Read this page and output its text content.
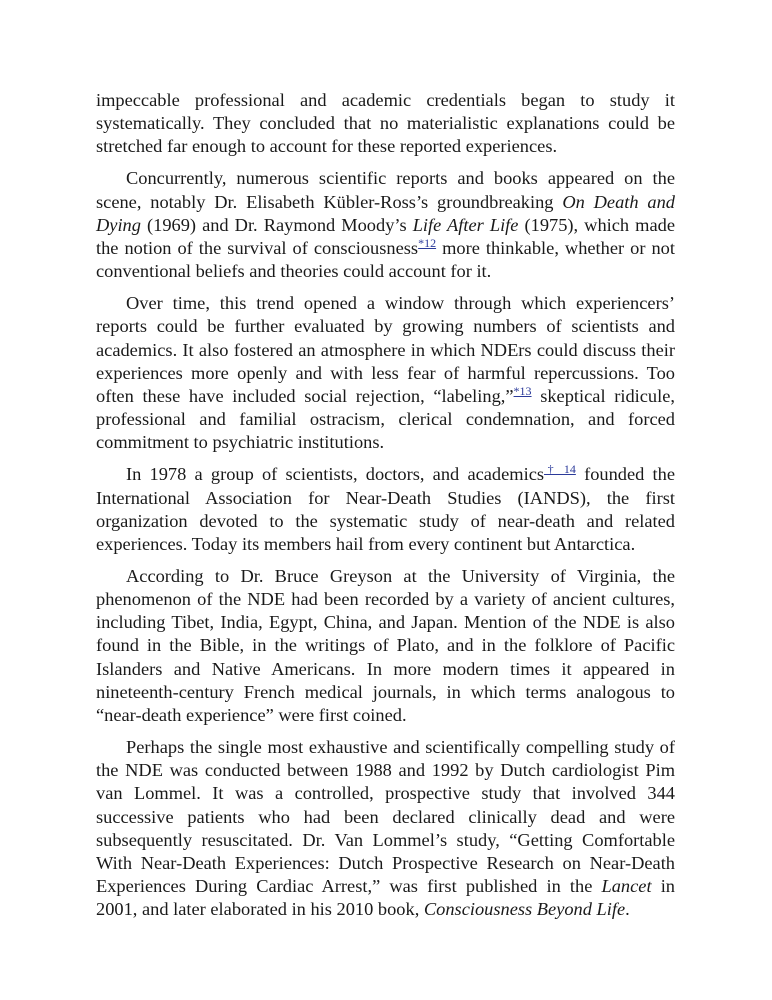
impeccable professional and academic credentials began to study it systematically. They concluded that no materialistic explanations could be stretched far enough to account for these reported experiences.

Concurrently, numerous scientific reports and books appeared on the scene, notably Dr. Elisabeth Kübler-Ross’s groundbreaking On Death and Dying (1969) and Dr. Raymond Moody’s Life After Life (1975), which made the notion of the survival of consciousness$^{*12}$ more thinkable, whether or not conventional beliefs and theories could account for it.

Over time, this trend opened a window through which experiencers’ reports could be further evaluated by growing numbers of scientists and academics. It also fostered an atmosphere in which NDErs could discuss their experiences more openly and with less fear of harmful repercussions. Too often these have included social rejection, “labeling,”$^{*13}$ skeptical ridicule, professional and familial ostracism, clerical condemnation, and forced commitment to psychiatric institutions.

In 1978 a group of scientists, doctors, and academics$^{\dagger 14}$ founded the International Association for Near-Death Studies (IANDS), the first organization devoted to the systematic study of near-death and related experiences. Today its members hail from every continent but Antarctica.

According to Dr. Bruce Greyson at the University of Virginia, the phenomenon of the NDE had been recorded by a variety of ancient cultures, including Tibet, India, Egypt, China, and Japan. Mention of the NDE is also found in the Bible, in the writings of Plato, and in the folklore of Pacific Islanders and Native Americans. In more modern times it appeared in nineteenth-century French medical journals, in which terms analogous to “near-death experience” were first coined.

Perhaps the single most exhaustive and scientifically compelling study of the NDE was conducted between 1988 and 1992 by Dutch cardiologist Pim van Lommel. It was a controlled, prospective study that involved 344 successive patients who had been declared clinically dead and were subsequently resuscitated. Dr. Van Lommel’s study, “Getting Comfortable With Near-Death Experiences: Dutch Prospective Research on Near-Death Experiences During Cardiac Arrest,” was first published in the Lancet in 2001, and later elaborated in his 2010 book, Consciousness Beyond Life.
